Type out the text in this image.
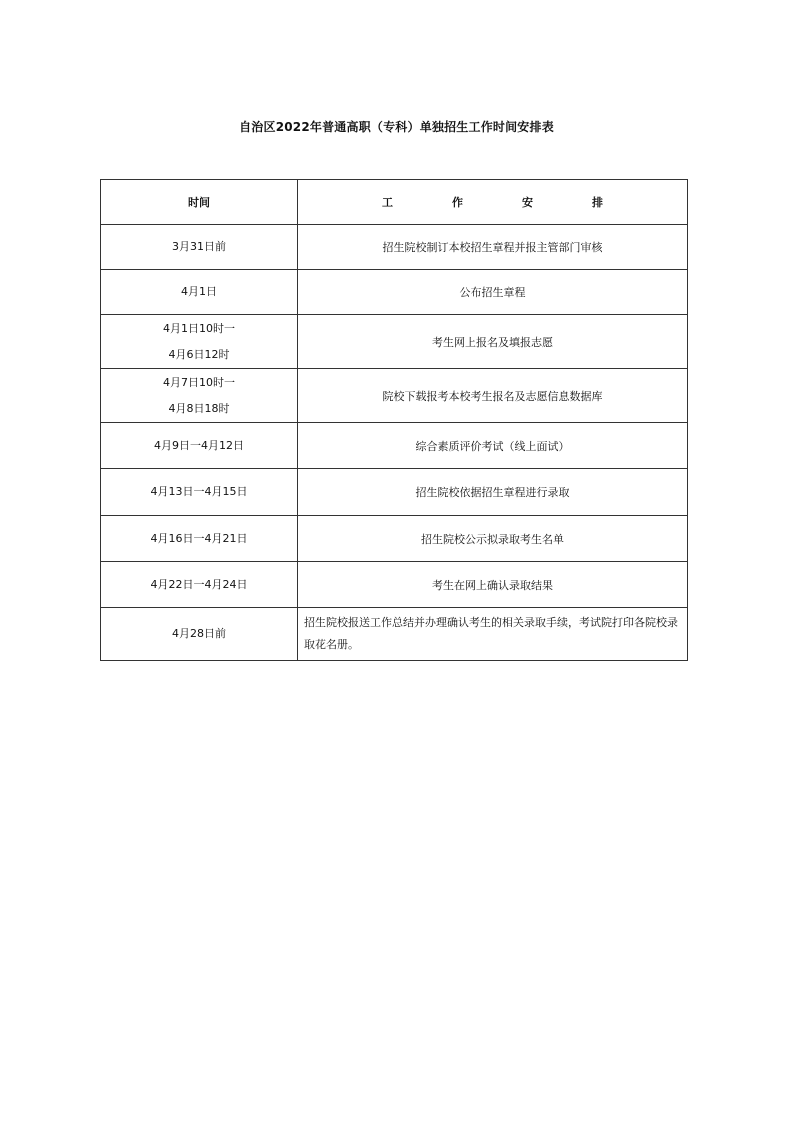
自治区2022年普通高职（专科）单独招生工作时间安排表
时间	工　作　安　排

3月31日前	招生院校制订本校招生章程并报主管部门审核

4月1日	公布招生章程

4月1日10时一
4月6日12时	考生网上报名及填报志愿

4月7日10时一
4月8日18时	院校下载报考本校考生报名及志愿信息数据库

4月9日一4月12日	综合素质评价考试（线上面试）

4月13日一4月15日	招生院校依据招生章程进行录取

4月16日一4月21日	招生院校公示拟录取考生名单

4月22日一4月24日	考生在网上确认录取结果

4月28日前	招生院校报送工作总结并办理确认考生的相关录取手续，考试院打印各院校录取花名册。
